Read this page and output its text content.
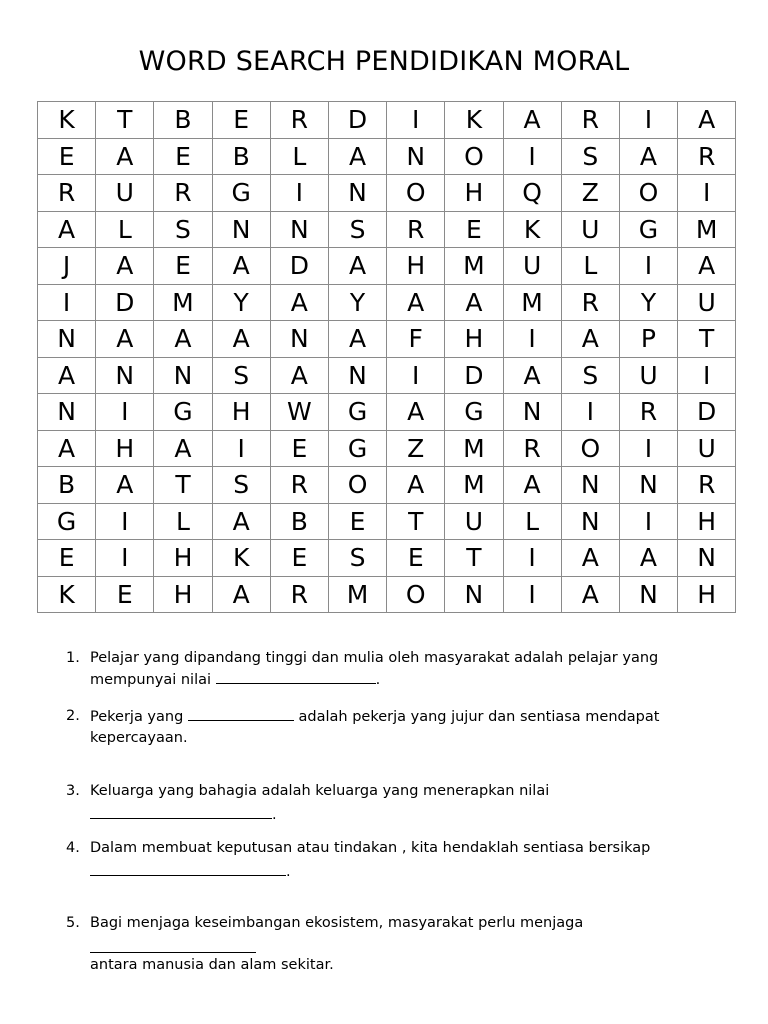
WORD SEARCH PENDIDIKAN MORAL
K	T	B	E	R	D	I	K	A	R	I	A
E	A	E	B	L	A	N	O	I	S	A	R
R	U	R	G	I	N	O	H	Q	Z	O	I
A	L	S	N	N	S	R	E	K	U	G	M
J	A	E	A	D	A	H	M	U	L	I	A
I	D	M	Y	A	Y	A	A	M	R	Y	U
N	A	A	A	N	A	F	H	I	A	P	T
A	N	N	S	A	N	I	D	A	S	U	I
N	I	G	H	W	G	A	G	N	I	R	D
A	H	A	I	E	G	Z	M	R	O	I	U
B	A	T	S	R	O	A	M	A	N	N	R
G	I	L	A	B	E	T	U	L	N	I	H
E	I	H	K	E	S	E	T	I	A	A	N
K	E	H	A	R	M	O	N	I	A	N	H
1. Pelajar yang dipandang tinggi dan mulia oleh masyarakat adalah pelajar yang mempunyai nilai	.
2. Pekerja yang	adalah pekerja yang jujur dan sentiasa mendapat kepercayaan.
3. Keluarga yang bahagia adalah keluarga yang menerapkan nilai
.
4. Dalam membuat keputusan atau tindakan , kita hendaklah sentiasa bersikap
.
5. Bagi menjaga keseimbangan ekosistem, masyarakat perlu menjaga
antara manusia dan alam sekitar.
